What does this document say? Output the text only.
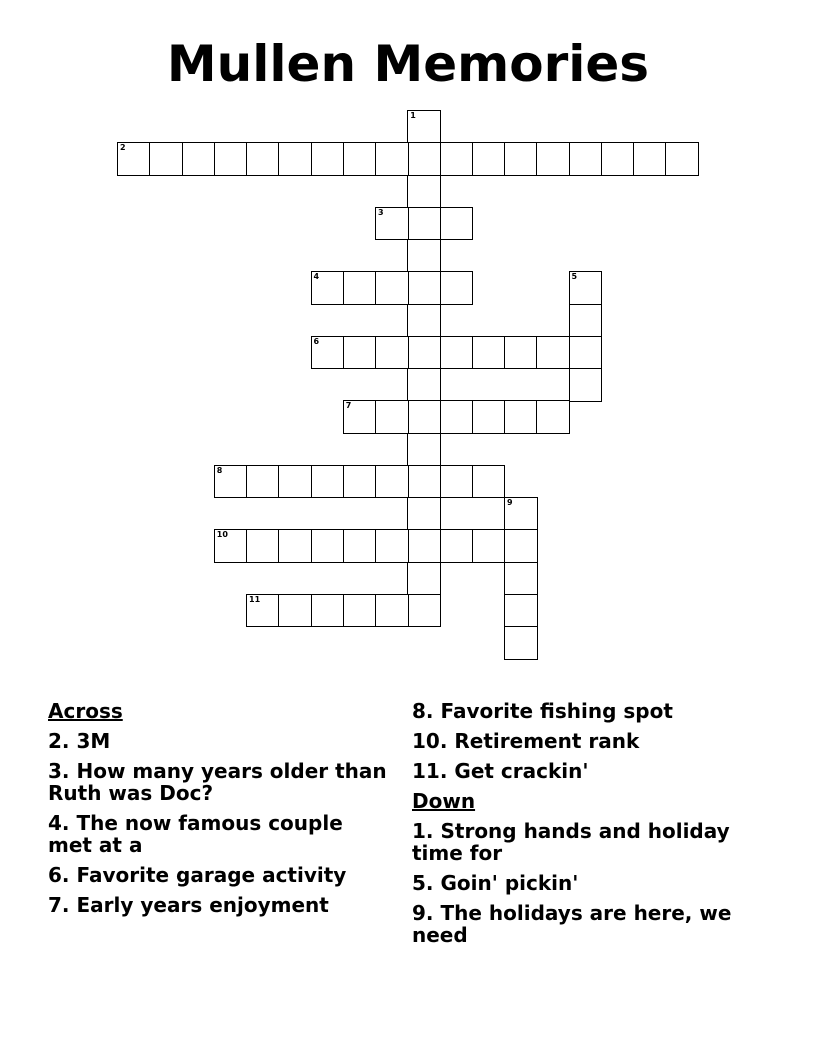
Mullen Memories
1
2
3
4	5
6
7
8
9
10
11
Across
2. 3M
3. How many years older than Ruth was Doc?
4. The now famous couple met at a
6. Favorite garage activity
7. Early years enjoyment
8. Favorite fishing spot
10. Retirement rank
11. Get crackin'
Down
1. Strong hands and holiday time for
5. Goin' pickin'
9. The holidays are here, we need
